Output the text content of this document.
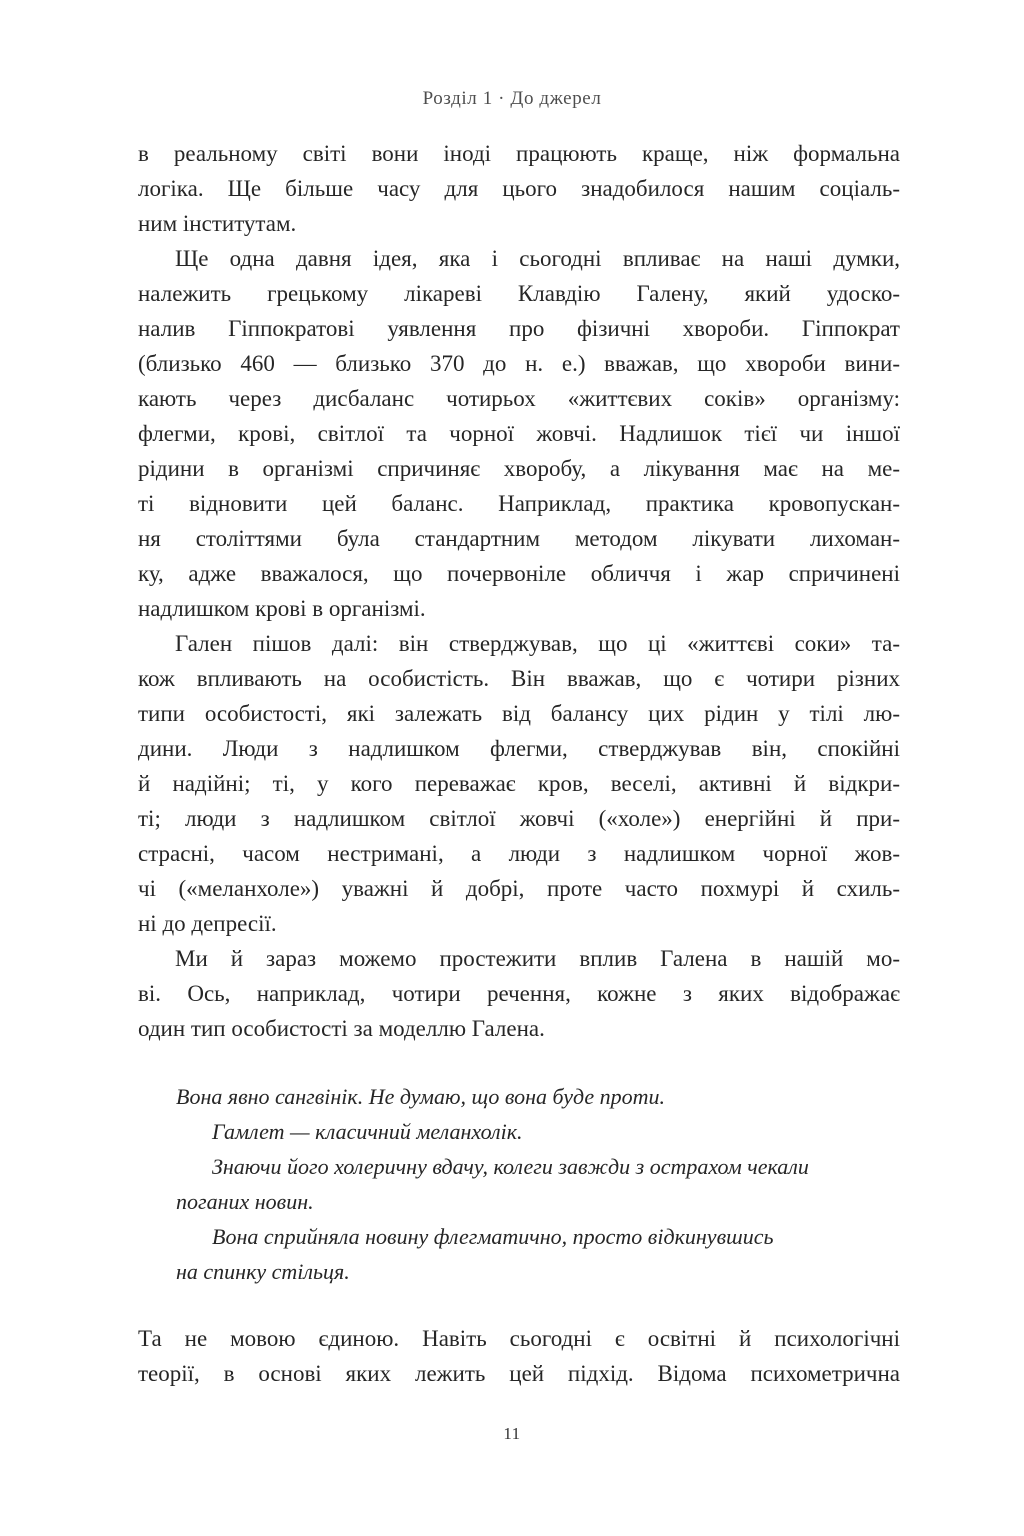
Розділ 1 · До джерел
в реальному світі вони іноді працюють краще, ніж формальна
логіка. Ще більше часу для цього знадобилося нашим соціаль-
ним інститутам.
Ще одна давня ідея, яка і сьогодні впливає на наші думки,
належить грецькому лікареві Клавдію Галену, який удоско-
налив Гіппократові уявлення про фізичні хвороби. Гіппократ
(близько 460 — близько 370 до н. е.) вважав, що хвороби вини-
кають через дисбаланс чотирьох «життєвих соків» організму:
флегми, крові, світлої та чорної жовчі. Надлишок тієї чи іншої
рідини в організмі спричиняє хворобу, а лікування має на ме-
ті відновити цей баланс. Наприклад, практика кровопускан-
ня століттями була стандартним методом лікувати лихоман-
ку, адже вважалося, що почервоніле обличчя і жар спричинені
надлишком крові в організмі.
Гален пішов далі: він стверджував, що ці «життєві соки» та-
кож впливають на особистість. Він вважав, що є чотири різних
типи особистості, які залежать від балансу цих рідин у тілі лю-
дини. Люди з надлишком флегми, стверджував він, спокійні
й надійні; ті, у кого переважає кров, веселі, активні й відкри-
ті; люди з надлишком світлої жовчі («холе») енергійні й при-
страсні, часом нестримані, а люди з надлишком чорної жов-
чі («меланхоле») уважні й добрі, проте часто похмурі й схиль-
ні до депресії.
Ми й зараз можемо простежити вплив Галена в нашій мо-
ві. Ось, наприклад, чотири речення, кожне з яких відображає
один тип особистості за моделлю Галена.
Вона явно сангвінік. Не думаю, що вона буде проти.
Гамлет — класичний меланхолік.
Знаючи його холеричну вдачу, колеги завжди з острахом чекали
поганих новин.
Вона сприйняла новину флегматично, просто відкинувшись
на спинку стільця.
Та не мовою єдиною. Навіть сьогодні є освітні й психологічні
теорії, в основі яких лежить цей підхід. Відома психометрична
11
